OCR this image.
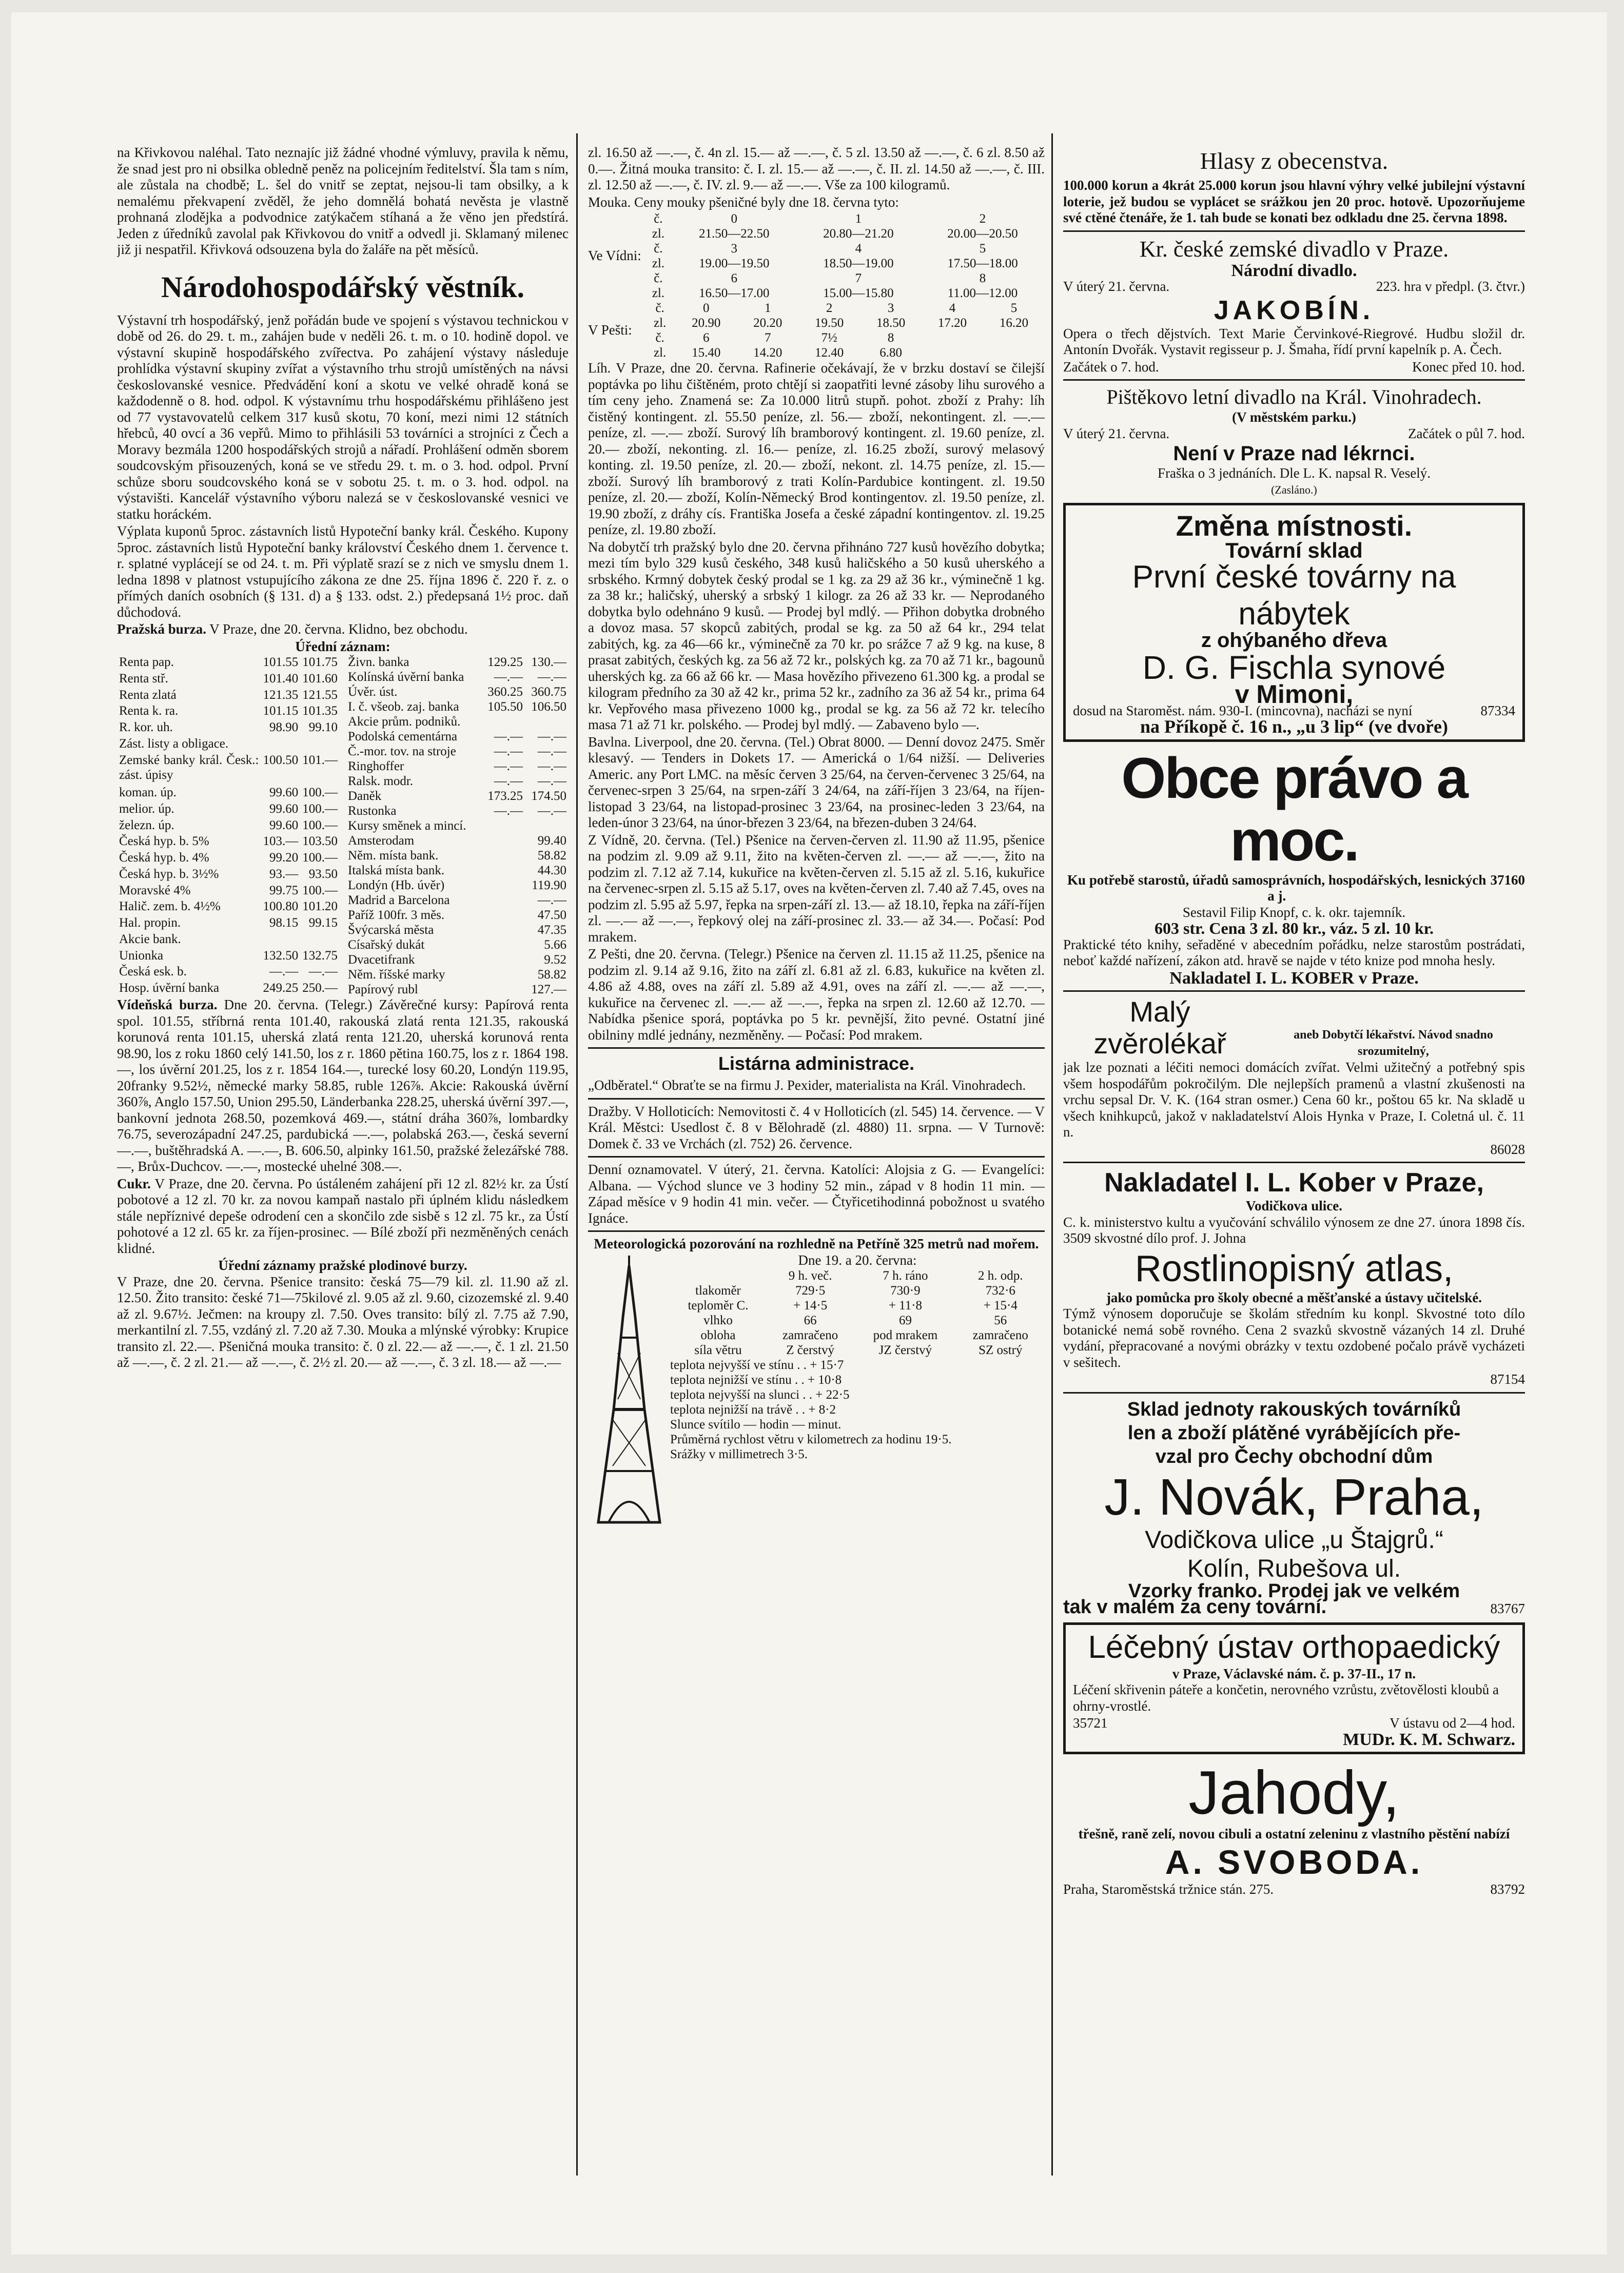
na Křivkovou naléhal. Tato neznajíc již žádné vhodné výmluvy, pravila k němu, že snad jest pro ni obsilka obledně peněz na policejním ředitelství. Šla tam s ním, ale zůstala na chodbě; L. šel do vnitř se zeptat, nejsou-li tam obsilky, a k nemalému překvapení zvěděl, že jeho domnělá bohatá nevěsta je vlastně prohnaná zlodějka a podvodnice zatýkačem stíhaná a že věno jen předstírá. Jeden z úředníků zavolal pak Křivkovou do vnitř a odvedl ji. Sklamaný milenec již ji nespatřil. Křivková odsouzena byla do žaláře na pět měsíců.

Národohospodářský věstník.

Výstavní trh hospodářský, jenž pořádán bude ve spojení s výstavou technickou v době od 26. do 29. t. m., zahájen bude v neděli 26. t. m. o 10. hodině dopol. ve výstavní skupině hospodářského zvířectva. Po zahájení výstavy následuje prohlídka výstavní skupiny zvířat a výstavního trhu strojů umístěných na návsi českoslovanské vesnice. Předvádění koní a skotu ve velké ohradě koná se každodenně o 8. hod. odpol. K výstavnímu trhu hospodářskému přihlášeno jest od 77 vystavovatelů celkem 317 kusů skotu, 70 koní, mezi nimi 12 státních hřebců, 40 ovcí a 36 vepřů. Mimo to přihlásili 53 továrníci a strojníci z Čech a Moravy bezmála 1200 hospodářských strojů a nářadí. Prohlášení odměn sborem soudcovským přisouzených, koná se ve středu 29. t. m. o 3. hod. odpol. První schůze sboru soudcovského koná se v sobotu 25. t. m. o 3. hod. odpol. na výstavišti. Kancelář výstavního výboru nalezá se v českoslovanské vesnici ve statku horáckém.

Výplata kuponů 5proc. zástavních listů Hypoteční banky král. Českého. Kupony 5proc. zástavních listů Hypoteční banky království Českého dnem 1. července t. r. splatné vyplácejí se od 24. t. m. Při výplatě srazí se z nich ve smyslu dnem 1. ledna 1898 v platnost vstupujícího zákona ze dne 25. října 1896 č. 220 ř. z. o přímých daních osobních (§ 131. d) a § 133. odst. 2.) předepsaná 1½ proc. daň důchodová.

Pražská burza. V Praze, dne 20. června. Klidno, bez obchodu.

Úřední záznam:
Renta pap.	101.55	101.75
Renta stř.	101.40	101.60
Renta zlatá	121.35	121.55
Renta k. ra.	101.15	101.35
R. kor. uh.	98.90	99.10
Zást. listy a obligace.		
Zemské banky král. Česk.: zást. úpisy	100.50	101.—
koman. úp.	99.60	100.—
melior. úp.	99.60	100.—
železn. úp.	99.60	100.—
Česká hyp. b. 5%	103.—	103.50
Česká hyp. b. 4%	99.20	100.—
Česká hyp. b. 3½%	93.—	93.50
Moravské 4%	99.75	100.—
Halič. zem. b. 4½%	100.80	101.20
Hal. propin.	98.15	99.15
Akcie bank.		
Unionka	132.50	132.75
Česká esk. b.	—.—	—.—
Hosp. úvěrní banka	249.25	250.—
Živn. banka	129.25	130.—
Kolínská úvěrní banka	—.—	—.—
Úvěr. úst.	360.25	360.75
I. č. všeob. zaj. banka	105.50	106.50
Akcie prům. podniků.		
Podolská cementárna	—.—	—.—
Č.-mor. tov. na stroje	—.—	—.—
Ringhoffer	—.—	—.—
Ralsk. modr.	—.—	—.—
Daněk	173.25	174.50
Rustonka	—.—	—.—
Kursy směnek a mincí.		
Amsterodam		99.40
Něm. místa bank.		58.82
Italská místa bank.		44.30
Londýn (Hb. úvěr)		119.90
Madrid a Barcelona		—.—
Paříž 100fr. 3 měs.		47.50
Švýcarská města		47.35
Císařský dukát		5.66
Dvacetifrank		9.52
Něm. říšské marky		58.82
Papírový rubl		127.—

Vídeňská burza. Dne 20. června. (Telegr.) Závěrečné kursy: Papírová renta spol. 101.55, stříbrná renta 101.40, rakouská zlatá renta 121.35, rakouská korunová renta 101.15, uherská zlatá renta 121.20, uherská korunová renta 98.90, los z roku 1860 celý 141.50, los z r. 1860 pětina 160.75, los z r. 1864 198.—, los úvěrní 201.25, los z r. 1854 164.—, turecké losy 60.20, Londýn 119.95, 20franky 9.52½, německé marky 58.85, ruble 126⅞. Akcie: Rakouská úvěrní 360⅞, Anglo 157.50, Union 295.50, Länderbanka 228.25, uherská úvěrní 397.—, bankovní jednota 268.50, pozemková 469.—, státní dráha 360⅞, lombardky 76.75, severozápadní 247.25, pardubická —.—, polabská 263.—, česká severní —.—, buštěhradská A. —.—, B. 606.50, alpinky 161.50, pražské železářské 788.—, Brůx-Duchcov. —.—, mostecké uhelné 308.—.

Cukr. V Praze, dne 20. června. Po ústáleném zahájení při 12 zl. 82½ kr. za Ústí pobotové a 12 zl. 70 kr. za novou kampaň nastalo při úplném klidu následkem stále nepříznivé depeše odrodení cen a skončilo zde sisbě s 12 zl. 75 kr., za Ústí pohotové a 12 zl. 65 kr. za říjen-prosinec. — Bílé zboží při nezměněných cenách klidné.

Úřední záznamy pražské plodinové burzy.

V Praze, dne 20. června. Pšenice transito: česká 75—79 kil. zl. 11.90 až zl. 12.50. Žito transito: české 71—75kilové zl. 9.05 až zl. 9.60, cizozemské zl. 9.40 až zl. 9.67½. Ječmen: na kroupy zl. 7.50. Oves transito: bílý zl. 7.75 až 7.90, merkantilní zl. 7.55, vzdáný zl. 7.20 až 7.30. Mouka a mlýnské výrobky: Krupice transito zl. 22.—. Pšeničná mouka transito: č. 0 zl. 22.— až —.—, č. 1 zl. 21.50 až —.—, č. 2 zl. 21.— až —.—, č. 2½ zl. 20.— až —.—, č. 3 zl. 18.— až —.—

zl. 16.50 až —.—, č. 4n zl. 15.— až —.—, č. 5 zl. 13.50 až —.—, č. 6 zl. 8.50 až 0.—. Žitná mouka transito: č. I. zl. 15.— až —.—, č. II. zl. 14.50 až —.—, č. III. zl. 12.50 až —.—, č. IV. zl. 9.— až —.—. Vše za 100 kilogramů.

Mouka. Ceny mouky pšeničné byly dne 18. června tyto:

Ve Vídni:
č.	0	1	2
zl.	21.50—22.50	20.80—21.20	20.00—20.50
č.	3	4	5
zl.	19.00—19.50	18.50—19.00	17.50—18.00
č.	6	7	8
zl.	16.50—17.00	15.00—15.80	11.00—12.00
V Pešti:
č.	0	1	2	3	4	5
zl.	20.90	20.20	19.50	18.50	17.20	16.20
č.	6	7	7½	8		
zl.	15.40	14.20	12.40	6.80		

Líh. V Praze, dne 20. června. Rafinerie očekávají, že v brzku dostaví se čilejší poptávka po lihu čištěném, proto chtějí si zaopatřiti levné zásoby lihu surového a tím ceny jeho. Znamená se: Za 10.000 litrů stupň. pohot. zboží z Prahy: líh čistěný kontingent. zl. 55.50 peníze, zl. 56.— zboží, nekontingent. zl. —.— peníze, zl. —.— zboží. Surový líh bramborový kontingent. zl. 19.60 peníze, zl. 20.— zboží, nekonting. zl. 16.— peníze, zl. 16.25 zboží, surový melasový konting. zl. 19.50 peníze, zl. 20.— zboží, nekont. zl. 14.75 peníze, zl. 15.— zboží. Surový líh bramborový z trati Kolín-Pardubice kontingent. zl. 19.50 peníze, zl. 20.— zboží, Kolín-Německý Brod kontingentov. zl. 19.50 peníze, zl. 19.90 zboží, z dráhy cís. Františka Josefa a české západní kontingentov. zl. 19.25 peníze, zl. 19.80 zboží.

Na dobytčí trh pražský bylo dne 20. června přihnáno 727 kusů hovězího dobytka; mezi tím bylo 329 kusů českého, 348 kusů haličského a 50 kusů uherského a srbského. Krmný dobytek český prodal se 1 kg. za 29 až 36 kr., výminečně 1 kg. za 38 kr.; haličský, uherský a srbský 1 kilogr. za 26 až 33 kr. — Neprodaného dobytka bylo odehnáno 9 kusů. — Prodej byl mdlý. — Přihon dobytka drobného a dovoz masa. 57 skopců zabitých, prodal se kg. za 50 až 64 kr., 294 telat zabitých, kg. za 46—66 kr., výminečně za 70 kr. po srážce 7 až 9 kg. na kuse, 8 prasat zabitých, českých kg. za 56 až 72 kr., polských kg. za 70 až 71 kr., bagounů uherských kg. za 66 až 66 kr. — Masa hovězího přivezeno 61.300 kg. a prodal se kilogram předního za 30 až 42 kr., prima 52 kr., zadního za 36 až 54 kr., prima 64 kr. Vepřového masa přivezeno 1000 kg., prodal se kg. za 56 až 72 kr. telecího masa 71 až 71 kr. polského. — Prodej byl mdlý. — Zabaveno bylo —.

Bavlna. Liverpool, dne 20. června. (Tel.) Obrat 8000. — Denní dovoz 2475. Směr klesavý. — Tenders in Dokets 17. — Americká o 1/64 nižší. — Deliveries Americ. any Port LMC. na měsíc červen 3 25/64, na červen-červenec 3 25/64, na červenec-srpen 3 25/64, na srpen-září 3 24/64, na září-říjen 3 23/64, na říjen-listopad 3 23/64, na listopad-prosinec 3 23/64, na prosinec-leden 3 23/64, na leden-únor 3 23/64, na únor-březen 3 23/64, na březen-duben 3 24/64.

Z Vídně, 20. června. (Tel.) Pšenice na červen-červen zl. 11.90 až 11.95, pšenice na podzim zl. 9.09 až 9.11, žito na květen-červen zl. —.— až —.—, žito na podzim zl. 7.12 až 7.14, kukuřice na květen-červen zl. 5.15 až zl. 5.16, kukuřice na červenec-srpen zl. 5.15 až 5.17, oves na květen-červen zl. 7.40 až 7.45, oves na podzim zl. 5.95 až 5.97, řepka na srpen-září zl. 13.— až 18.10, řepka na září-říjen zl. —.— až —.—, řepkový olej na září-prosinec zl. 33.— až 34.—. Počasí: Pod mrakem.

Z Pešti, dne 20. června. (Telegr.) Pšenice na červen zl. 11.15 až 11.25, pšenice na podzim zl. 9.14 až 9.16, žito na září zl. 6.81 až zl. 6.83, kukuřice na květen zl. 4.86 až 4.88, oves na září zl. 5.89 až 4.91, oves na září zl. —.— až —.—, kukuřice na červenec zl. —.— až —.—, řepka na srpen zl. 12.60 až 12.70. — Nabídka pšenice sporá, poptávka po 5 kr. pevnější, žito pevné. Ostatní jiné obilniny mdlé jednány, nezměněny. — Počasí: Pod mrakem.

Listárna administrace.

„Odběratel.“ Obraťte se na firmu J. Pexider, materialista na Král. Vinohradech.

Dražby. V Holloticích: Nemovitosti č. 4 v Holloticích (zl. 545) 14. července. — V Král. Městci: Usedlost č. 8 v Bělohradě (zl. 4880) 11. srpna. — V Turnově: Domek č. 33 ve Vrchách (zl. 752) 26. července.

Denní oznamovatel. V úterý, 21. června. Katolíci: Alojsia z G. — Evangelíci: Albana. — Východ slunce ve 3 hodiny 52 min., západ v 8 hodin 11 min. — Západ měsíce v 9 hodin 41 min. večer. — Čtyřicetihodinná pobožnost u svatého Ignáce.

Meteorologická pozorování na rozhledně na Petříně 325 metrů nad mořem.
Dne 19. a 20. června:
	9 h. več.	7 h. ráno	2 h. odp.
tlakoměr	729·5	730·9	732·6
teploměr C.	+ 14·5	+ 11·8	+ 15·4
vlhko	66	69	56
obloha	zamračeno	pod mrakem	zamračeno
síla větru	Z čerstvý	JZ čerstvý	SZ ostrý
teplota nejvyšší ve stínu . . + 15·7
teplota nejnižší ve stínu . . + 10·8
teplota nejvyšší na slunci . . + 22·5
teplota nejnižší na trávě . . + 8·2
Slunce svítilo — hodin — minut.
Průměrná rychlost větru v kilometrech za hodinu 19·5.
Srážky v millimetrech 3·5.
Hlasy z obecenstva.

100.000 korun a 4krát 25.000 korun jsou hlavní výhry velké jubilejní výstavní loterie, jež budou se vyplácet se srážkou jen 20 proc. hotově. Upozorňujeme své ctěné čtenáře, že 1. tah bude se konati bez odkladu dne 25. června 1898.

Kr. české zemské divadlo v Praze.
Národní divadlo.
V úterý 21. června.	223. hra v předpl. (3. čtvr.)
JAKOBÍN.

Opera o třech dějstvích. Text Marie Červinkové-Riegrové. Hudbu složil dr. Antonín Dvořák. Vystavit regisseur p. J. Šmaha, řídí první kapelník p. A. Čech.

Začátek o 7. hod.	Konec před 10. hod.
Pištěkovo letní divadlo na Král. Vinohradech.
(V městském parku.)
V úterý 21. června.	Začátek o půl 7. hod.
Není v Praze nad lékrnci.
Fraška o 3 jednáních. Dle L. K. napsal R. Veselý.
(Zasláno.)
Změna místnosti.
Tovární sklad
První české továrny na nábytek
z ohýbaného dřeva
D. G. Fischla synové
v Mimoni,
dosud na Staroměst. nám. 930-I. (mincovna), nacházi se nyní	87334
na Příkopě č. 16 n., „u 3 lip“ (ve dvoře)
Obce právo a moc.
Ku potřebě starostů, úřadů samosprávních, hospodářských, lesnických a j.
37160
Sestavil Filip Knopf, c. k. okr. tajemník.
603 str. Cena 3 zl. 80 kr., váz. 5 zl. 10 kr.

Praktické této knihy, seřaděné v abecedním pořádku, nelze starostům postrádati, neboť každé nařízení, zákon atd. hravě se najde v této knize pod mnoha hesly.

Nakladatel I. L. KOBER v Praze.
Malý zvěrolékař	aneb Dobytčí lékařství. Návod snadno srozumitelný,

jak lze poznati a léčiti nemoci domácích zvířat. Velmi užitečný a potřebný spis všem hospodářům pokročilým. Dle nejlepších pramenů a vlastní zkušenosti na vrchu sepsal Dr. V. K. (164 stran osmer.) Cena 60 kr., poštou 65 kr. Na skladě u všech knihkupců, jakož v nakladatelství Alois Hynka v Praze, I. Coletná ul. č. 11 n.

86028
Nakladatel I. L. Kober v Praze,
Vodičkova ulice.

C. k. ministerstvo kultu a vyučování schválilo výnosem ze dne 27. února 1898 čís. 3509 skvostné dílo prof. J. Johna

Rostlinopisný atlas,
jako pomůcka pro školy obecné a měšťanské a ústavy učitelské.

Týmž výnosem doporučuje se školám středním ku konpl. Skvostné toto dílo botanické nemá sobě rovného. Cena 2 svazků skvostně vázaných 14 zl. Druhé vydání, přepracované a novými obrázky v textu ozdobené počalo právě vycházeti v sešitech.

87154
Sklad jednoty rakouských továrníků
len a zboží plátěné vyrábějících pře-
vzal pro Čechy obchodní dům
J. Novák, Praha,
Vodičkova ulice „u Štajgrů.“
Kolín, Rubešova ul.
Vzorky franko. Prodej jak ve velkém
tak v malém za ceny tovární.	83767
Léčebný ústav orthopaedický
v Praze, Václavské nám. č. p. 37-II., 17 n.

Léčení skřivenin páteře a končetin, nerovného vzrůstu, zvětovělosti kloubů a ohrny-vrostlé.

35721	V ústavu od 2—4 hod.
MUDr. K. M. Schwarz.
Jahody,
třešně, raně zelí, novou cibuli a ostatní zeleninu z vlastního pěstění nabízí
A. SVOBODA.
Praha, Staroměstská tržnice stán. 275.	83792
